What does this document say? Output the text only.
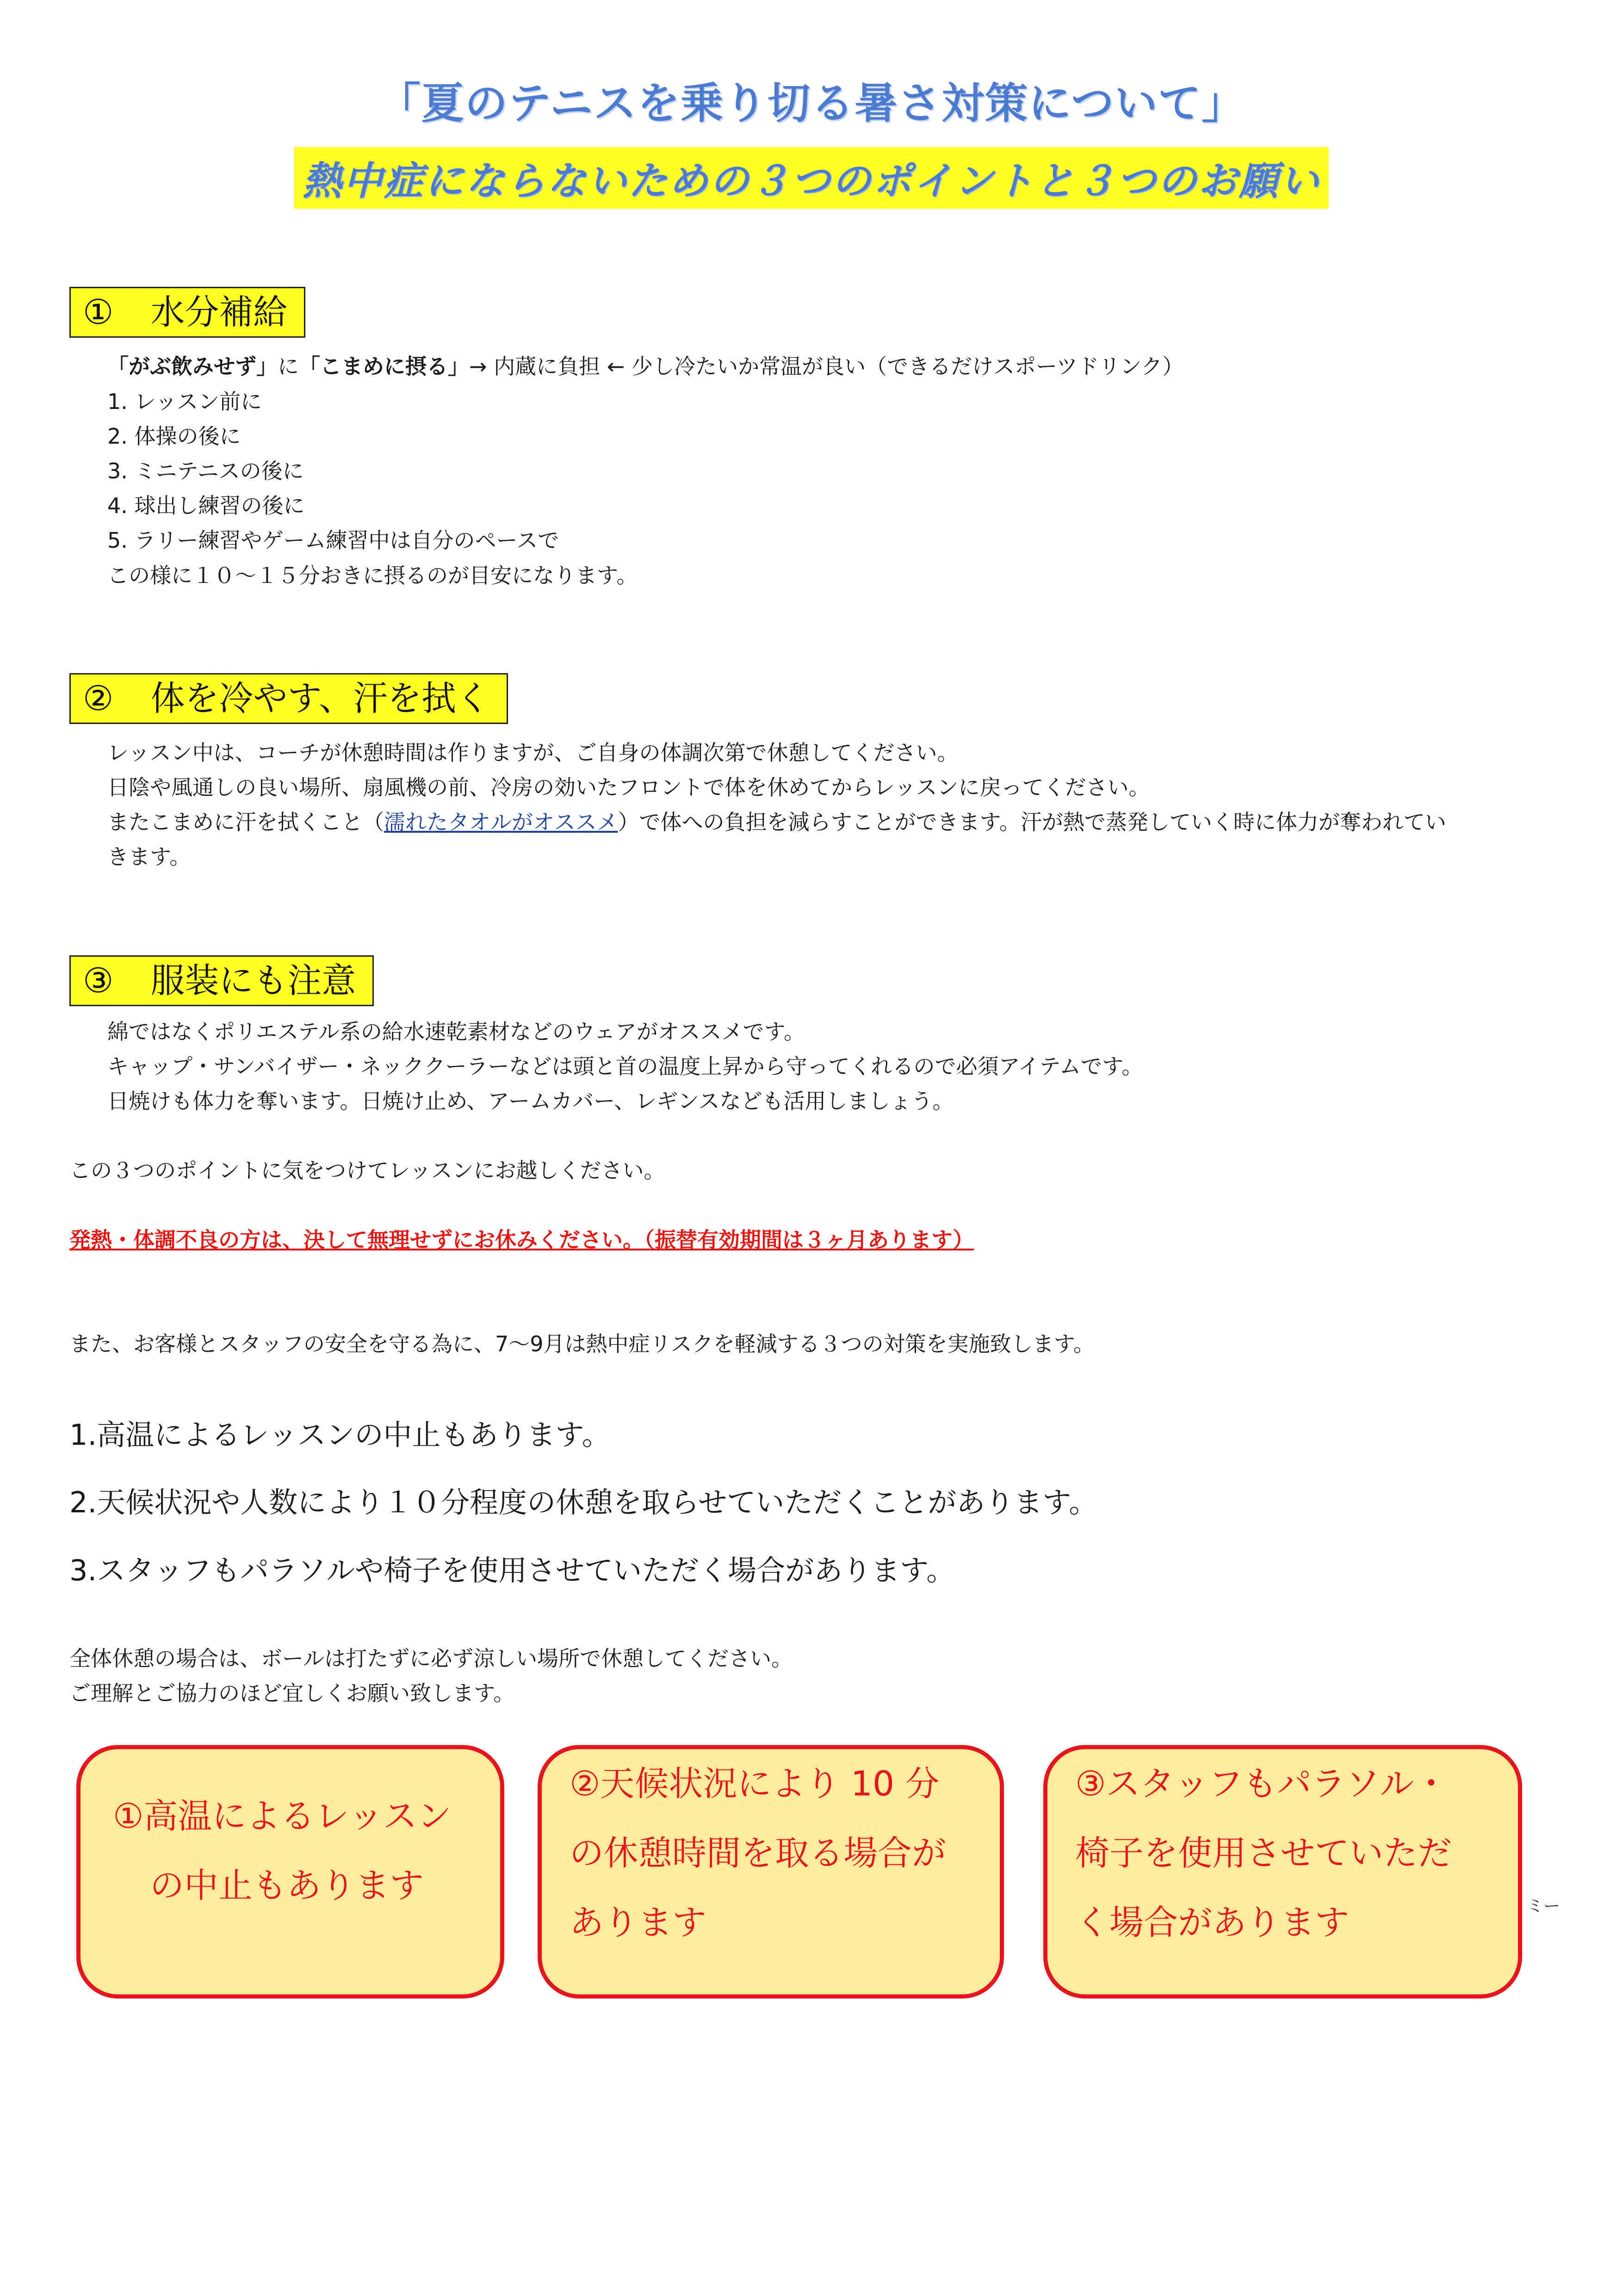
「夏のテニスを乗り切る暑さ対策について」
熱中症にならないための３つのポイントと３つのお願い
① 水分補給
「がぶ飲みせず」に「こまめに摂る」→ 内蔵に負担 ← 少し冷たいか常温が良い（できるだけスポーツドリンク）
1. レッスン前に
2. 体操の後に
3. ミニテニスの後に
4. 球出し練習の後に
5. ラリー練習やゲーム練習中は自分のペースで
この様に１０～１５分おきに摂るのが目安になります。
② 体を冷やす、汗を拭く
レッスン中は、コーチが休憩時間は作りますが、ご自身の体調次第で休憩してください。
日陰や風通しの良い場所、扇風機の前、冷房の効いたフロントで体を休めてからレッスンに戻ってください。
またこまめに汗を拭くこと（濡れたタオルがオススメ）で体への負担を減らすことができます。汗が熱で蒸発していく時に体力が奪われてい
きます。
③ 服装にも注意
綿ではなくポリエステル系の給水速乾素材などのウェアがオススメです。
キャップ・サンバイザー・ネッククーラーなどは頭と首の温度上昇から守ってくれるので必須アイテムです。
日焼けも体力を奪います。日焼け止め、アームカバー、レギンスなども活用しましょう。
この３つのポイントに気をつけてレッスンにお越しください。
発熱・体調不良の方は、決して無理せずにお休みください。（振替有効期間は３ヶ月あります）
また、お客様とスタッフの安全を守る為に、7～9月は熱中症リスクを軽減する３つの対策を実施致します。
1.高温によるレッスンの中止もあります。
2.天候状況や人数により１０分程度の休憩を取らせていただくことがあります。
3.スタッフもパラソルや椅子を使用させていただく場合があります。
全体休憩の場合は、ボールは打たずに必ず涼しい場所で休憩してください。
ご理解とご協力のほど宜しくお願い致します。
①高温によるレッスン
の中止もあります
②天候状況により 10 分
の休憩時間を取る場合が
あります
③スタッフもパラソル・
椅子を使用させていただ
く場合があります	ミー
